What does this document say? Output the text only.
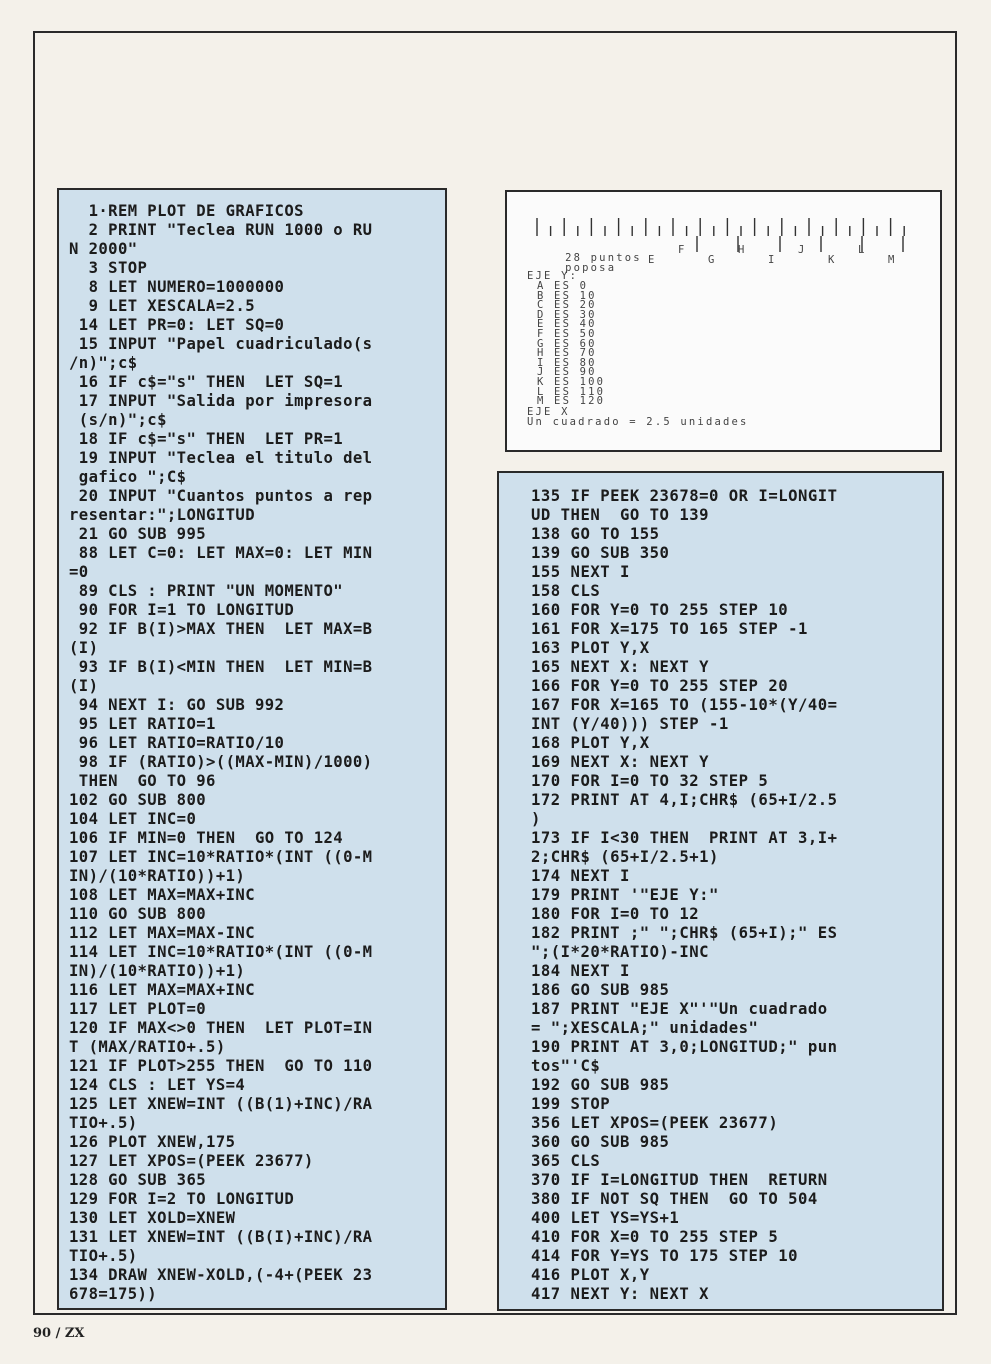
1·REM PLOT DE GRAFICOS
2 PRINT "Teclea RUN 1000 o RU
N 2000"
3 STOP
8 LET NUMERO=1000000
9 LET XESCALA=2.5
14 LET PR=0: LET SQ=0
15 INPUT "Papel cuadriculado(s
/n)";c$
16 IF c$="s" THEN  LET SQ=1
17 INPUT "Salida por impresora
(s/n)";c$
18 IF c$="s" THEN  LET PR=1
19 INPUT "Teclea el titulo del
gafico ";C$
20 INPUT "Cuantos puntos a rep
resentar:";LONGITUD
21 GO SUB 995
88 LET C=0: LET MAX=0: LET MIN
=0
89 CLS : PRINT "UN MOMENTO"
90 FOR I=1 TO LONGITUD
92 IF B(I)>MAX THEN  LET MAX=B
(I)
93 IF B(I)<MIN THEN  LET MIN=B
(I)
94 NEXT I: GO SUB 992
95 LET RATIO=1
96 LET RATIO=RATIO/10
98 IF (RATIO)>((MAX-MIN)/1000)
THEN  GO TO 96
102 GO SUB 800
104 LET INC=0
106 IF MIN=0 THEN  GO TO 124
107 LET INC=10*RATIO*(INT ((0-M
IN)/(10*RATIO))+1)
108 LET MAX=MAX+INC
110 GO SUB 800
112 LET MAX=MAX-INC
114 LET INC=10*RATIO*(INT ((0-M
IN)/(10*RATIO))+1)
116 LET MAX=MAX+INC
117 LET PLOT=0
120 IF MAX<>0 THEN  LET PLOT=IN
T (MAX/RATIO+.5)
121 IF PLOT>255 THEN  GO TO 110
124 CLS : LET YS=4
125 LET XNEW=INT ((B(1)+INC)/RA
TIO+.5)
126 PLOT XNEW,175
127 LET XPOS=(PEEK 23677)
128 GO SUB 365
129 FOR I=2 TO LONGITUD
130 LET XOLD=XNEW
131 LET XNEW=INT ((B(I)+INC)/RA
TIO+.5)
134 DRAW XNEW-XOLD,(-4+(PEEK 23
678=175))

28 puntos

poposa

F	H	J	L
E	G	I	K	M
EJE Y:
A ES 0
B ES 10
C ES 20
D ES 30
E ES 40
F ES 50
G ES 60
H ES 70
I ES 80
J ES 90
K ES 100
L ES 110
M ES 120
EJE X
Un cuadrado = 2.5 unidades
135 IF PEEK 23678=0 OR I=LONGIT
UD THEN  GO TO 139
138 GO TO 155
139 GO SUB 350
155 NEXT I
158 CLS
160 FOR Y=0 TO 255 STEP 10
161 FOR X=175 TO 165 STEP -1
163 PLOT Y,X
165 NEXT X: NEXT Y
166 FOR Y=0 TO 255 STEP 20
167 FOR X=165 TO (155-10*(Y/40=
INT (Y/40))) STEP -1
168 PLOT Y,X
169 NEXT X: NEXT Y
170 FOR I=0 TO 32 STEP 5
172 PRINT AT 4,I;CHR$ (65+I/2.5
)
173 IF I<30 THEN  PRINT AT 3,I+
2;CHR$ (65+I/2.5+1)
174 NEXT I
179 PRINT '"EJE Y:"
180 FOR I=0 TO 12
182 PRINT ;" ";CHR$ (65+I);" ES
";(I*20*RATIO)-INC
184 NEXT I
186 GO SUB 985
187 PRINT "EJE X"'"Un cuadrado
= ";XESCALA;" unidades"
190 PRINT AT 3,0;LONGITUD;" pun
tos"'C$
192 GO SUB 985
199 STOP
356 LET XPOS=(PEEK 23677)
360 GO SUB 985
365 CLS
370 IF I=LONGITUD THEN  RETURN
380 IF NOT SQ THEN  GO TO 504
400 LET YS=YS+1
410 FOR X=0 TO 255 STEP 5
414 FOR Y=YS TO 175 STEP 10
416 PLOT X,Y
417 NEXT Y: NEXT X
90 / ZX
